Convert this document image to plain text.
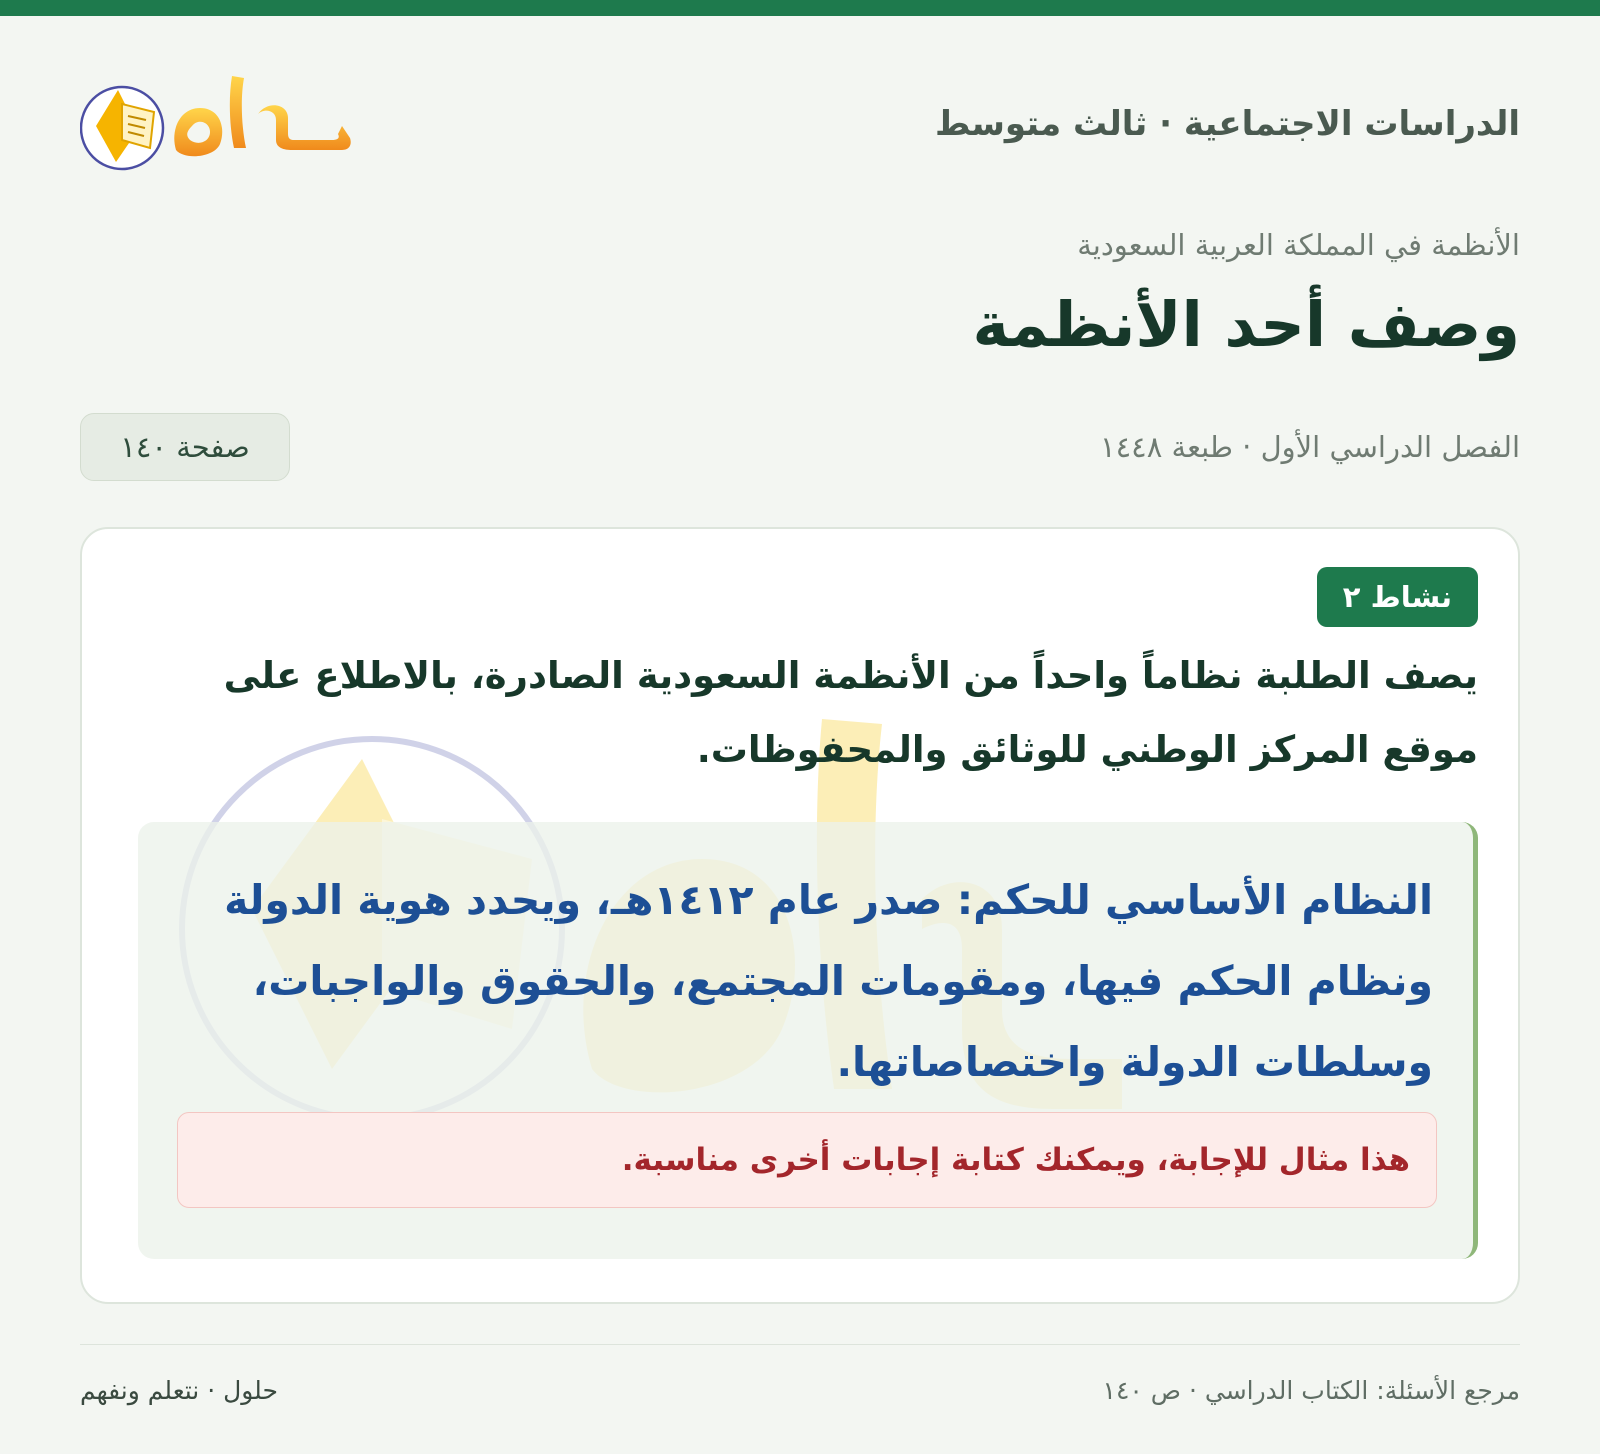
الدراسات الاجتماعية · ثالث متوسط
الأنظمة في المملكة العربية السعودية
وصف أحد الأنظمة
الفصل الدراسي الأول · طبعة ١٤٤٨
صفحة ١٤٠
نشاط ٢
يصف الطلبة نظاماً واحداً من الأنظمة السعودية الصادرة، بالاطلاع على موقع المركز الوطني للوثائق والمحفوظات.
النظام الأساسي للحكم: صدر عام ١٤١٢هـ، ويحدد هوية الدولة ونظام الحكم فيها، ومقومات المجتمع، والحقوق والواجبات، وسلطات الدولة واختصاصاتها.
هذا مثال للإجابة، ويمكنك كتابة إجابات أخرى مناسبة.
مرجع الأسئلة: الكتاب الدراسي · ص ١٤٠
حلول · نتعلم ونفهم
